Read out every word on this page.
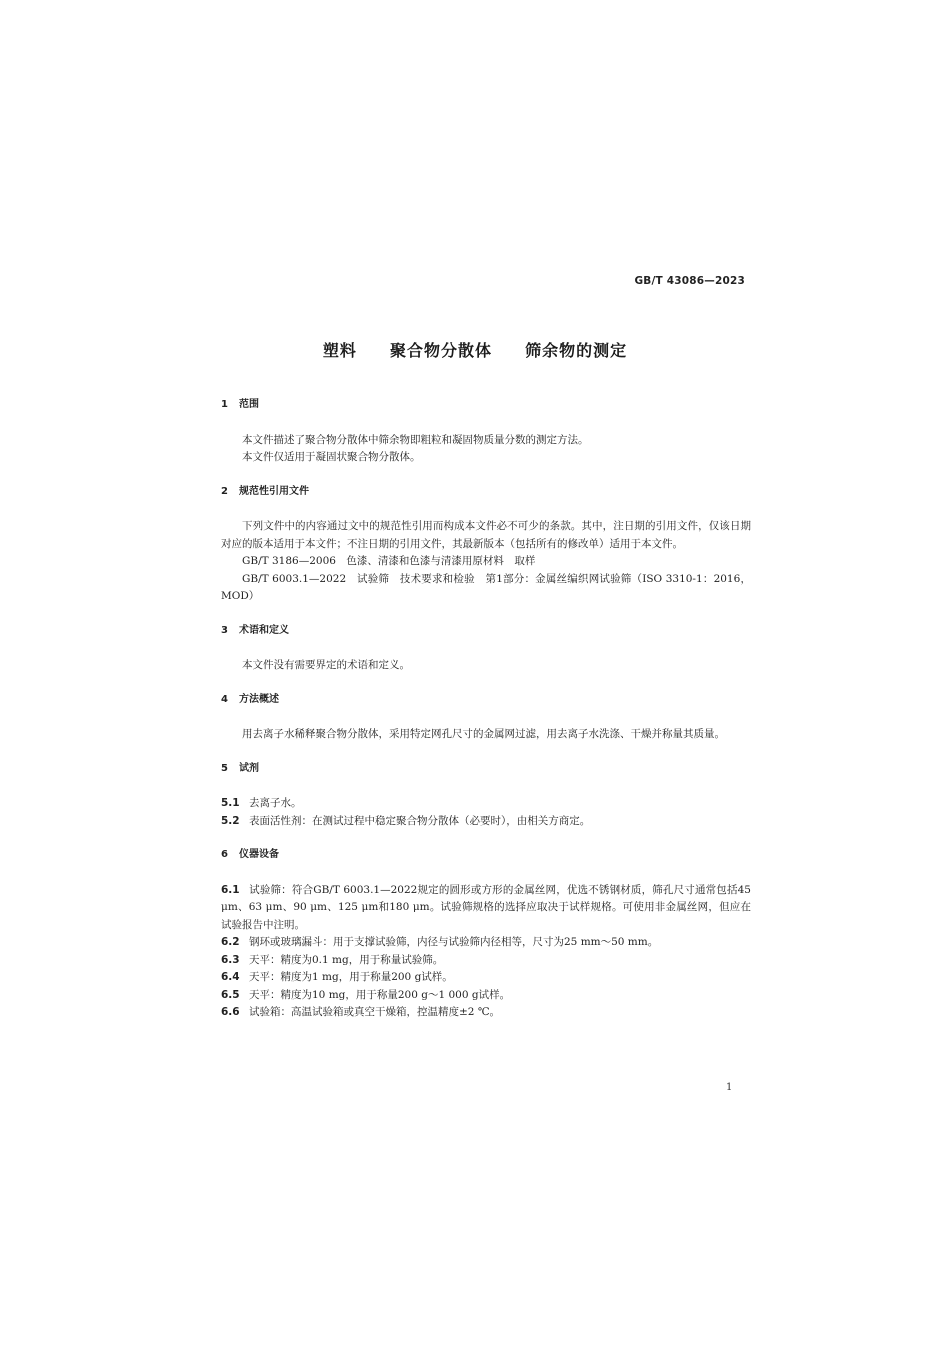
GB/T 43086—2023
塑料  聚合物分散体  筛余物的测定
1 范围

本文件描述了聚合物分散体中筛余物即粗粒和凝固物质量分数的测定方法。

本文件仅适用于凝固状聚合物分散体。

2 规范性引用文件

下列文件中的内容通过文中的规范性引用而构成本文件必不可少的条款。其中，注日期的引用文件，仅该日期对应的版本适用于本文件；不注日期的引用文件，其最新版本（包括所有的修改单）适用于本文件。

GB/T 3186—2006　色漆、清漆和色漆与清漆用原材料　取样

GB/T 6003.1—2022　试验筛　技术要求和检验　第1部分：金属丝编织网试验筛（ISO 3310-1：2016，MOD）

3 术语和定义

本文件没有需要界定的术语和定义。

4 方法概述

用去离子水稀释聚合物分散体，采用特定网孔尺寸的金属网过滤，用去离子水洗涤、干燥并称量其质量。

5 试剂

5.1 去离子水。

5.2 表面活性剂：在测试过程中稳定聚合物分散体（必要时），由相关方商定。

6 仪器设备

6.1 试验筛：符合GB/T 6003.1—2022规定的圆形或方形的金属丝网，优选不锈钢材质，筛孔尺寸通常包括45 μm、63 μm、90 μm、125 μm和180 μm。试验筛规格的选择应取决于试样规格。可使用非金属丝网，但应在试验报告中注明。

6.2 钢环或玻璃漏斗：用于支撑试验筛，内径与试验筛内径相等，尺寸为25 mm～50 mm。

6.3 天平：精度为0.1 mg，用于称量试验筛。

6.4 天平：精度为1 mg，用于称量200 g试样。

6.5 天平：精度为10 mg，用于称量200 g～1 000 g试样。

6.6 试验箱：高温试验箱或真空干燥箱，控温精度±2 ℃。

1
